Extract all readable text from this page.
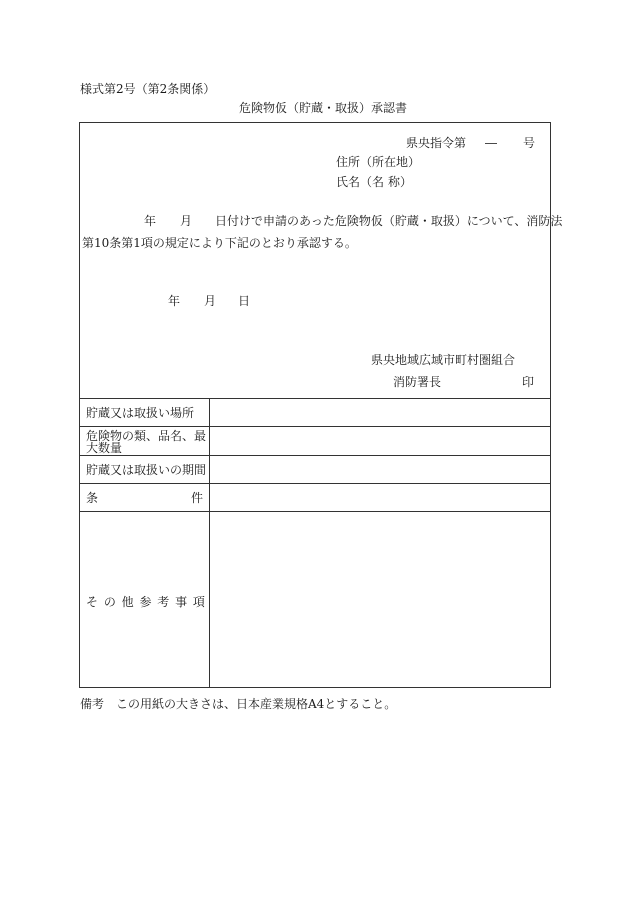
様式第2号（第2条関係）
危険物仮（貯蔵・取扱）承認書
県央指令第 ― 号
住所（所在地）
氏名（名 称）
年 月 日付けで申請のあった危険物仮（貯蔵・取扱）について、消防法
第10条第1項の規定により下記のとおり承認する。
年 月 日
県央地域広域市町村圏組合
消防署長	印
貯蔵又は取扱い場所
危険物の類、品名、最
大数量
貯蔵又は取扱いの期間
条	件
そ の 他 参 考 事 項
備考　この用紙の大きさは、日本産業規格A4とすること。
